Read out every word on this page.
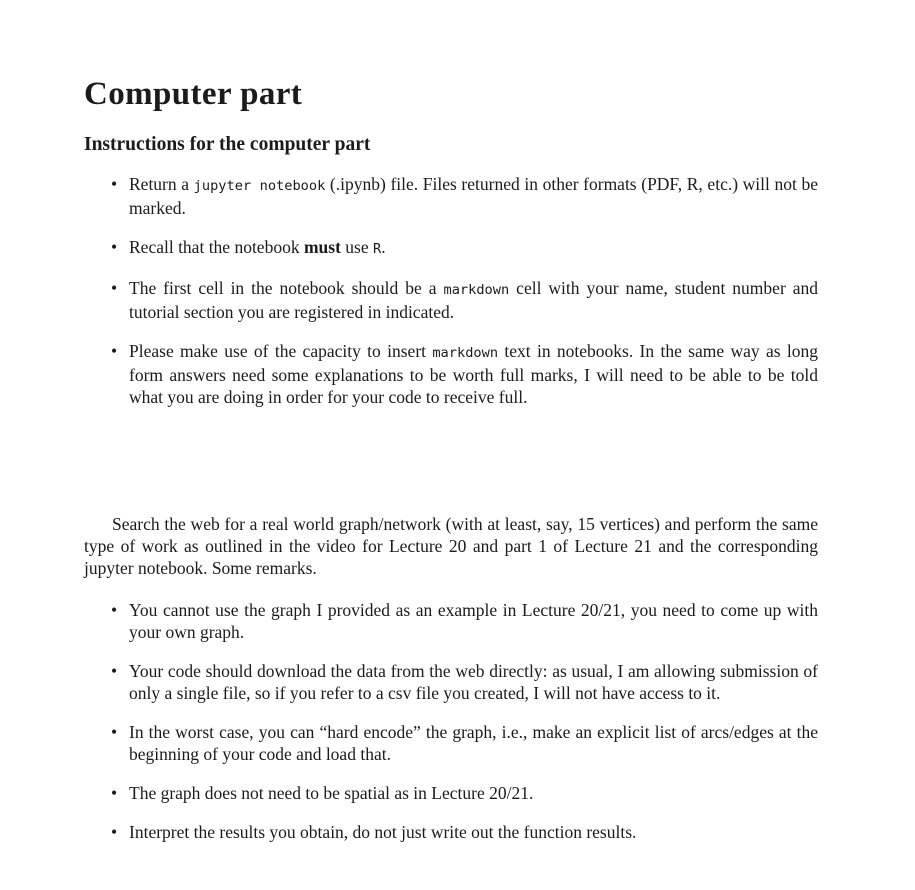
Computer part
Instructions for the computer part
• Return a jupyter notebook (.ipynb) file. Files returned in other formats (PDF, R, etc.) will not be marked.
• Recall that the notebook must use R.
• The first cell in the notebook should be a markdown cell with your name, student number and tutorial section you are registered in indicated.
• Please make use of the capacity to insert markdown text in notebooks. In the same way as long form answers need some explanations to be worth full marks, I will need to be able to be told what you are doing in order for your code to receive full.

Search the web for a real world graph/network (with at least, say, 15 vertices) and perform the same type of work as outlined in the video for Lecture 20 and part 1 of Lecture 21 and the corresponding jupyter notebook. Some remarks.

• You cannot use the graph I provided as an example in Lecture 20/21, you need to come up with your own graph.
• Your code should download the data from the web directly: as usual, I am allowing submission of only a single file, so if you refer to a csv file you created, I will not have access to it.
• In the worst case, you can “hard encode” the graph, i.e., make an explicit list of arcs/edges at the beginning of your code and load that.
• The graph does not need to be spatial as in Lecture 20/21.
• Interpret the results you obtain, do not just write out the function results.
